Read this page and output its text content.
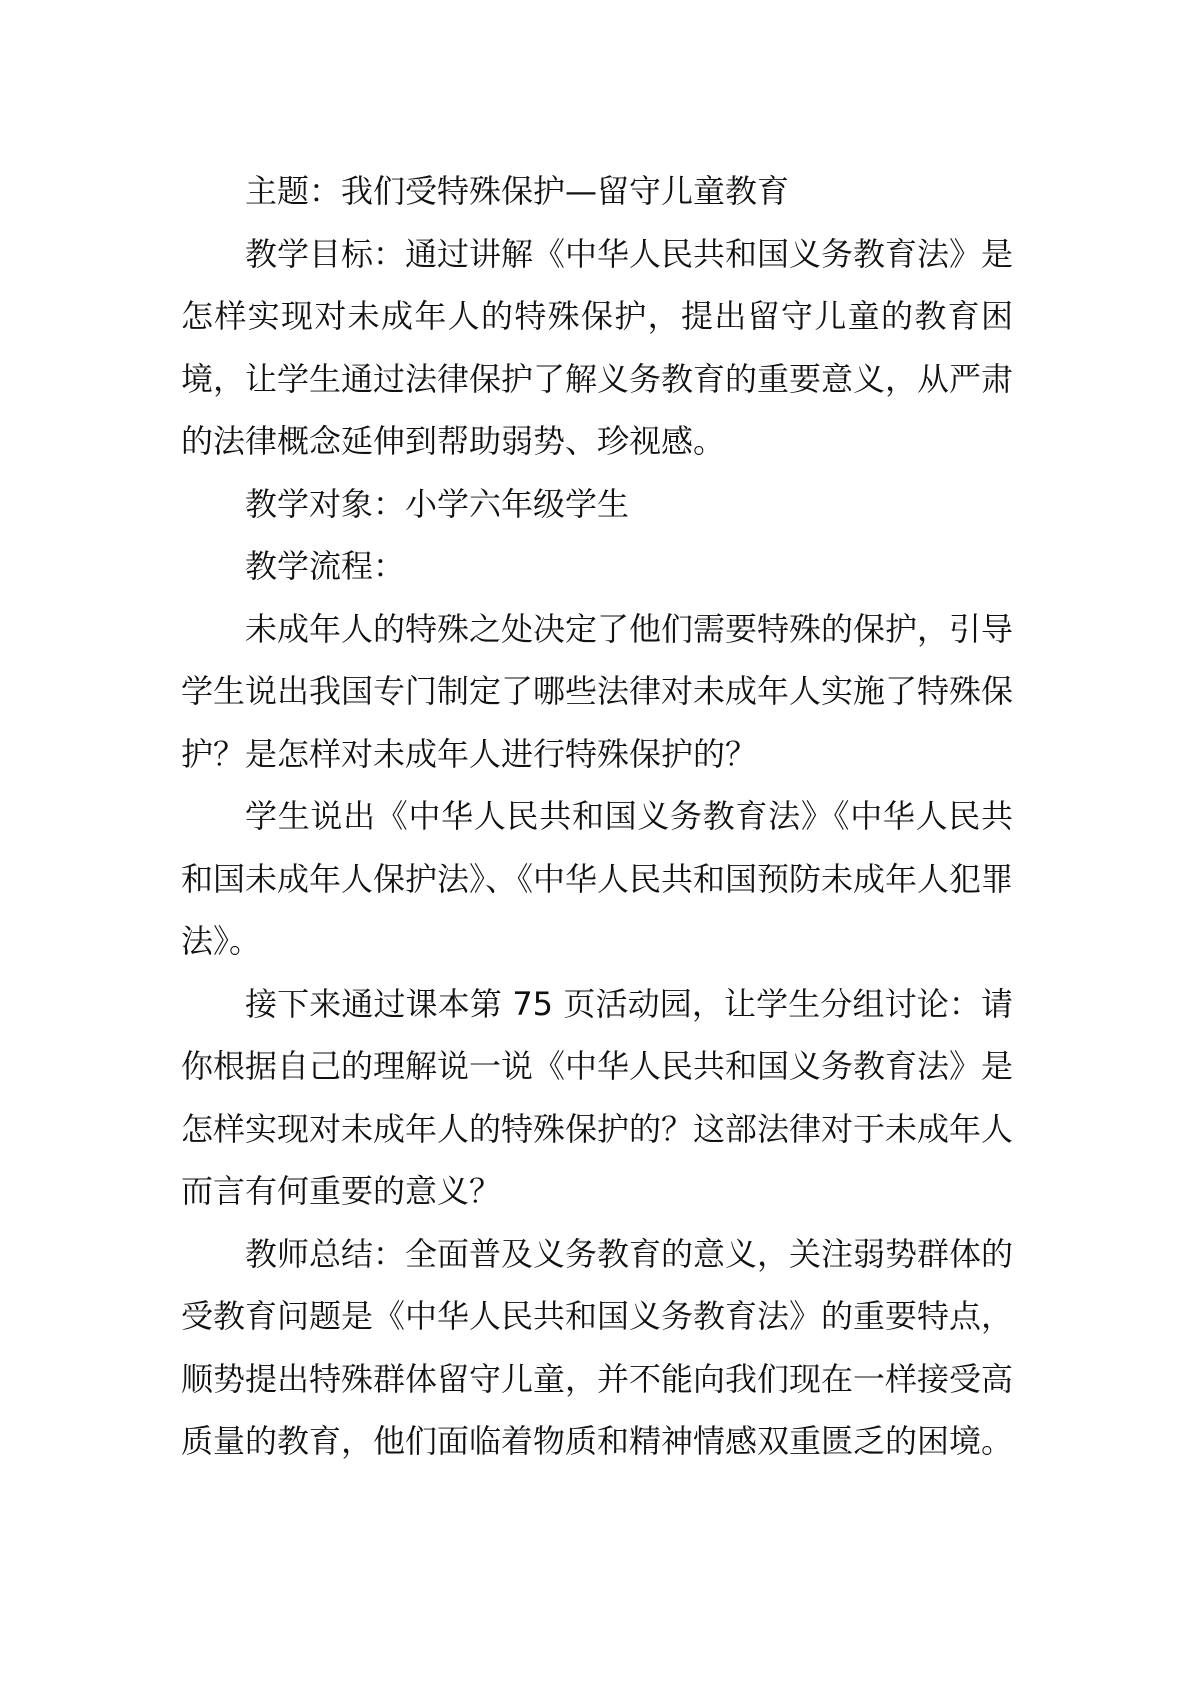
主题：我们受特殊保护—留守儿童教育

教学目标：通过讲解《中华人民共和国义务教育法》是怎样实现对未成年人的特殊保护，提出留守儿童的教育困境，让学生通过法律保护了解义务教育的重要意义，从严肃的法律概念延伸到帮助弱势、珍视感。

教学对象：小学六年级学生

教学流程：

未成年人的特殊之处决定了他们需要特殊的保护，引导学生说出我国专门制定了哪些法律对未成年人实施了特殊保护？是怎样对未成年人进行特殊保护的？

学生说出《中华人民共和国义务教育法》《中华人民共和国未成年人保护法》、《中华人民共和国预防未成年人犯罪法》。

接下来通过课本第 75 页活动园，让学生分组讨论：请你根据自己的理解说一说《中华人民共和国义务教育法》是怎样实现对未成年人的特殊保护的？这部法律对于未成年人而言有何重要的意义？

教师总结：全面普及义务教育的意义，关注弱势群体的受教育问题是《中华人民共和国义务教育法》的重要特点，顺势提出特殊群体留守儿童，并不能向我们现在一样接受高质量的教育，他们面临着物质和精神情感双重匮乏的困境。
